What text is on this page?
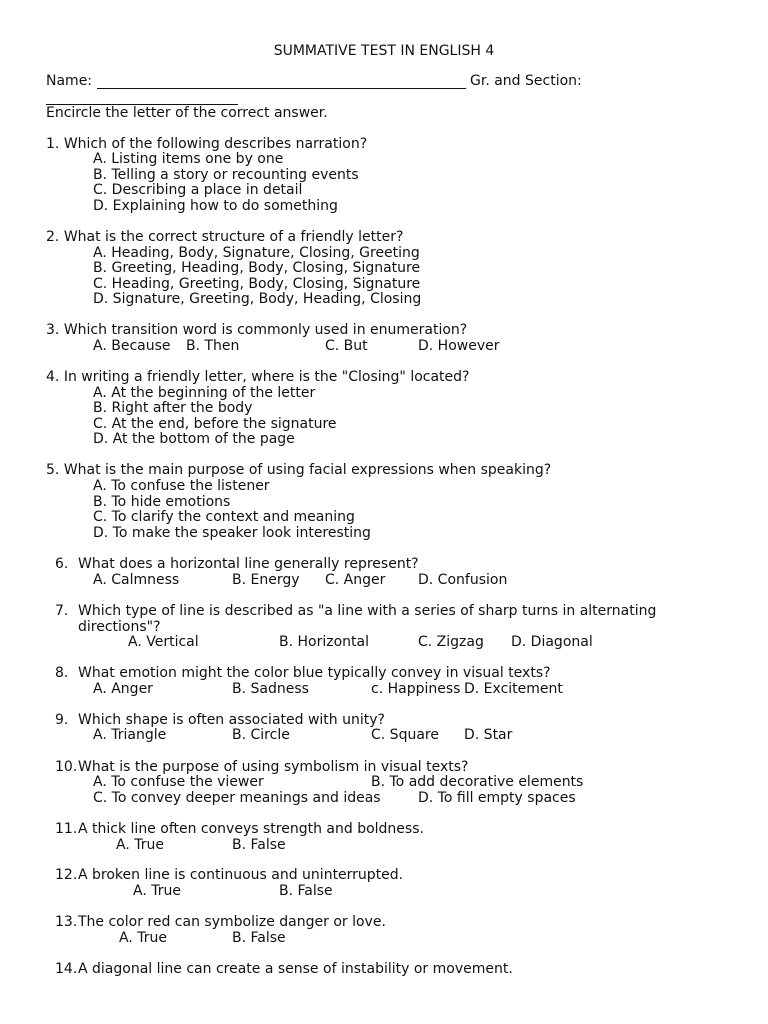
SUMMATIVE TEST IN ENGLISH 4
Name:	Gr. and Section:
Encircle the letter of the correct answer.
1. Which of the following describes narration?
A. Listing items one by one
B. Telling a story or recounting events
C. Describing a place in detail
D. Explaining how to do something
2. What is the correct structure of a friendly letter?
A. Heading, Body, Signature, Closing, Greeting
B. Greeting, Heading, Body, Closing, Signature
C. Heading, Greeting, Body, Closing, Signature
D. Signature, Greeting, Body, Heading, Closing
3. Which transition word is commonly used in enumeration?
A. Because B. Then	C. But	D. However
4. In writing a friendly letter, where is the "Closing" located?
A. At the beginning of the letter
B. Right after the body
C. At the end, before the signature
D. At the bottom of the page
5. What is the main purpose of using facial expressions when speaking?
A. To confuse the listener
B. To hide emotions
C. To clarify the context and meaning
D. To make the speaker look interesting
6. What does a horizontal line generally represent?
A. Calmness	B. Energy C. Anger D. Confusion
7. Which type of line is described as "a line with a series of sharp turns in alternating
directions"?
A. Vertical	B. Horizontal	C. Zigzag D. Diagonal
8. What emotion might the color blue typically convey in visual texts?
A. Anger	B. Sadness	c. Happiness D. Excitement
9. Which shape is often associated with unity?
A. Triangle	B. Circle	C. Square D. Star
10. What is the purpose of using symbolism in visual texts?
A. To confuse the viewer	B. To add decorative elements
C. To convey deeper meanings and ideas	D. To fill empty spaces
11. A thick line often conveys strength and boldness.
A. True	B. False
12. A broken line is continuous and uninterrupted.
A. True	B. False
13. The color red can symbolize danger or love.
A. True	B. False
14. A diagonal line can create a sense of instability or movement.
